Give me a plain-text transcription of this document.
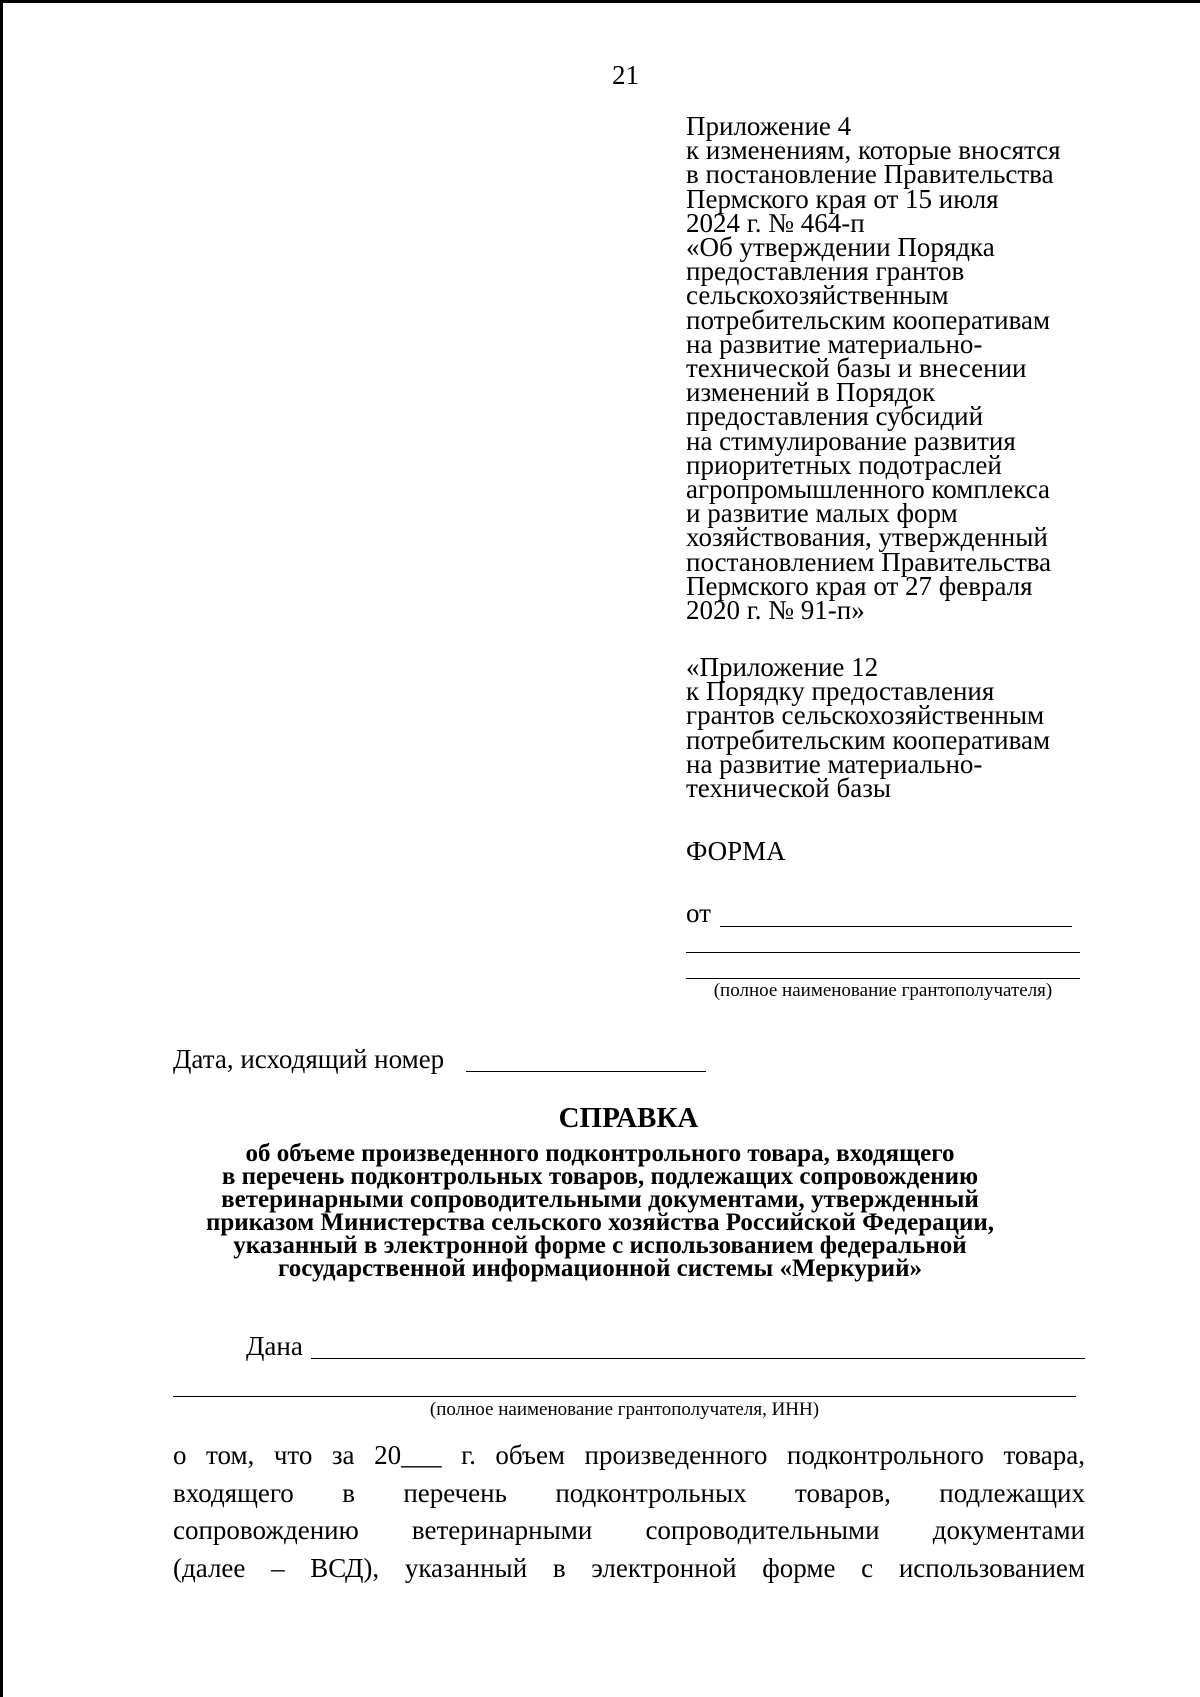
21
Приложение 4
к изменениям, которые вносятся
в постановление Правительства
Пермского края от 15 июля
2024 г. № 464-п
«Об утверждении Порядка
предоставления грантов
сельскохозяйственным
потребительским кооперативам
на развитие материально-
технической базы и внесении
изменений в Порядок
предоставления субсидий
на стимулирование развития
приоритетных подотраслей
агропромышленного комплекса
и развитие малых форм
хозяйствования, утвержденный
постановлением Правительства
Пермского края от 27 февраля
2020 г. № 91-п»
«Приложение 12
к Порядку предоставления
грантов сельскохозяйственным
потребительским кооперативам
на развитие материально-
технической базы
ФОРМА
от
(полное наименование грантополучателя)
Дата, исходящий номер
СПРАВКА
об объеме произведенного подконтрольного товара, входящего
в перечень подконтрольных товаров, подлежащих сопровождению
ветеринарными сопроводительными документами, утвержденный
приказом Министерства сельского хозяйства Российской Федерации,
указанный в электронной форме с использованием федеральной
государственной информационной системы «Меркурий»
Дана
(полное наименование грантополучателя, ИНН)
о том, что за 20___ г. объем произведенного подконтрольного товара,
входящего в перечень подконтрольных товаров, подлежащих
сопровождению ветеринарными сопроводительными документами
(далее – ВСД), указанный в электронной форме с использованием
